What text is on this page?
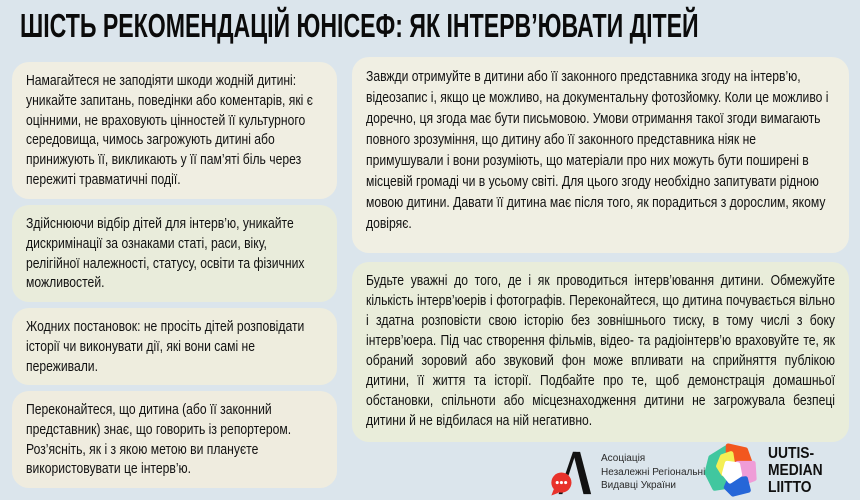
ШІСТЬ РЕКОМЕНДАЦІЙ ЮНІСЕФ: ЯК ІНТЕРВ’ЮВАТИ ДІТЕЙ

Намагайтеся не заподіяти шкоди жодній дитині: уникайте запитань, поведінки або коментарів, які є оцінними, не враховують цінностей її культурного середовища, чимось загрожують дитині або принижують її, викликають у її пам’яті біль через пережиті травматичні події.

Здійснюючи відбір дітей для інтерв’ю, уникайте дискримінації за ознаками статі, раси, віку, релігійної належності, статусу, освіти та фізичних можливостей.

Жодних постановок: не просіть дітей розповідати історії чи виконувати дії, які вони самі не переживали.

Переконайтеся, що дитина (або її законний представник) знає, що говорить із репортером. Роз’ясніть, як і з якою метою ви плануєте використовувати це інтерв’ю.

Завжди отримуйте в дитини або її законного представника згоду на інтерв’ю, відеозапис і, якщо це можливо, на документальну фотозйомку. Коли це можливо і доречно, ця згода має бути письмовою. Умови отримання такої згоди вимагають повного зрозуміння, що дитину або її законного представника ніяк не примушували і вони розуміють, що матеріали про них можуть бути поширені в місцевій громаді чи в усьому світі. Для цього згоду необхідно запитувати рідною мовою дитини. Давати її дитина має після того, як порадиться з дорослим, якому довіряє.

Будьте уважні до того, де і як проводиться інтерв’ювання дитини. Обмежуйте кількість інтерв’юерів і фотографів. Переконайтеся, що дитина почувається вільно і здатна розповісти свою історію без зовнішнього тиску, в тому числі з боку інтерв’юера. Під час створення фільмів, відео- та радіоінтерв’ю враховуйте те, як обраний зоровий або звуковий фон може впливати на сприйняття публікою дитини, її життя та історії. Подбайте про те, щоб демонстрація домашньої обстановки, спільноти або місцезнаходження дитини не загрожувала безпеці дитини й не відбилася на ній негативно.

Асоціація
Незалежні Регіональні
Видавці України
UUTIS-
MEDIAN
LIITTO
